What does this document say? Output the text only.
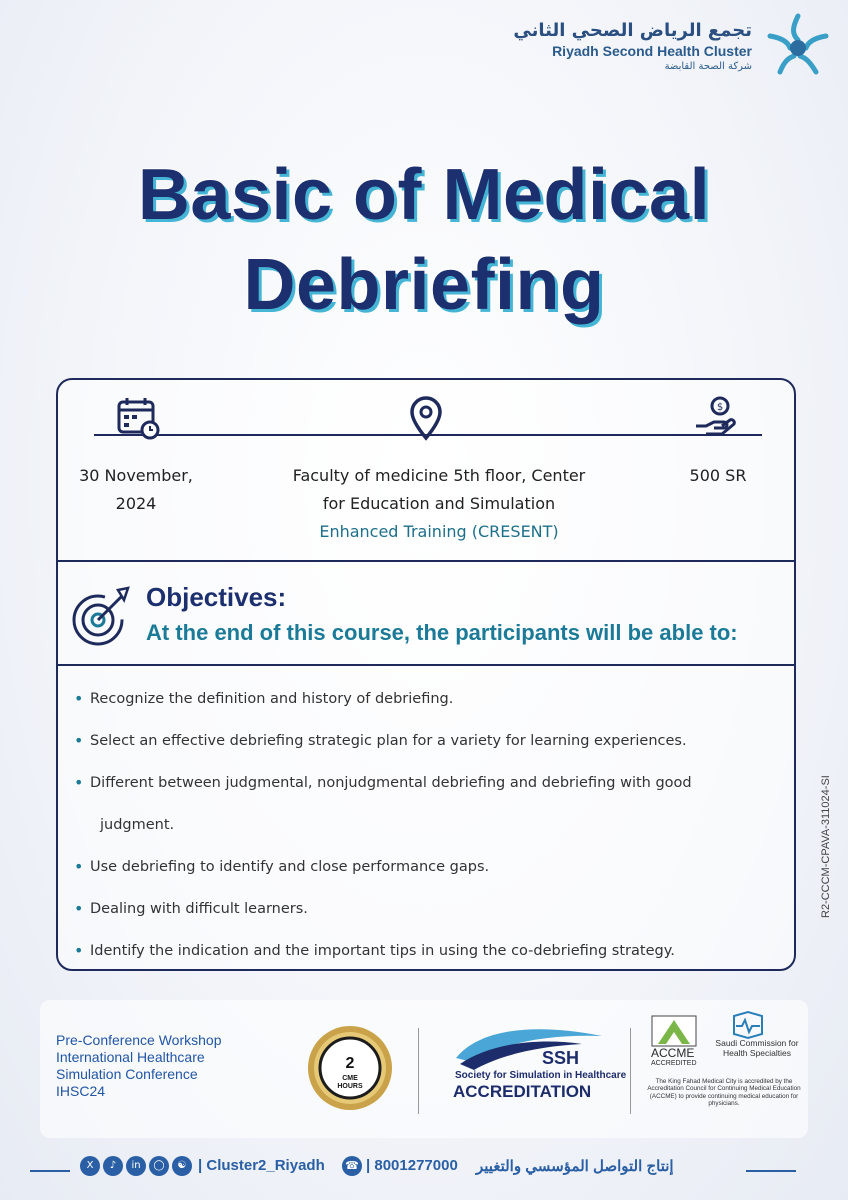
تجمع الرياض الصحي الثاني
Riyadh Second Health Cluster
شركة الصحة القابضة
Basic of Medical
Debriefing
$
30 November,
2024
Faculty of medicine 5th floor, Center
for Education and Simulation
Enhanced Training (CRESENT)
500 SR
Objectives:
At the end of this course, the participants will be able to:
• Recognize the definition and history of debriefing.
• Select an effective debriefing strategic plan for a variety for learning experiences.
• Different between judgmental, nonjudgmental debriefing and debriefing with good
judgment.
• Use debriefing to identify and close performance gaps.
• Dealing with difficult learners.
• Identify the indication and the important tips in using the co-debriefing strategy.
R2-CCCM-CPAVA-311024-SI
Pre-Conference Workshop
International Healthcare
Simulation Conference
IHSC24
2
CME
HOURS
SSH
Society for Simulation in Healthcare
ACCREDITATION
ACCME
ACCREDITED
Saudi Commission for Health Specialties
The King Fahad Medical City is accredited by the Accreditation Council for Continuing Medical Education (ACCME) to provide continuing medical education for physicians.
X	♪	in	◯	☯ | Cluster2_Riyadh ☎ | 8001277000 إنتاج التواصل المؤسسي والتغيير
